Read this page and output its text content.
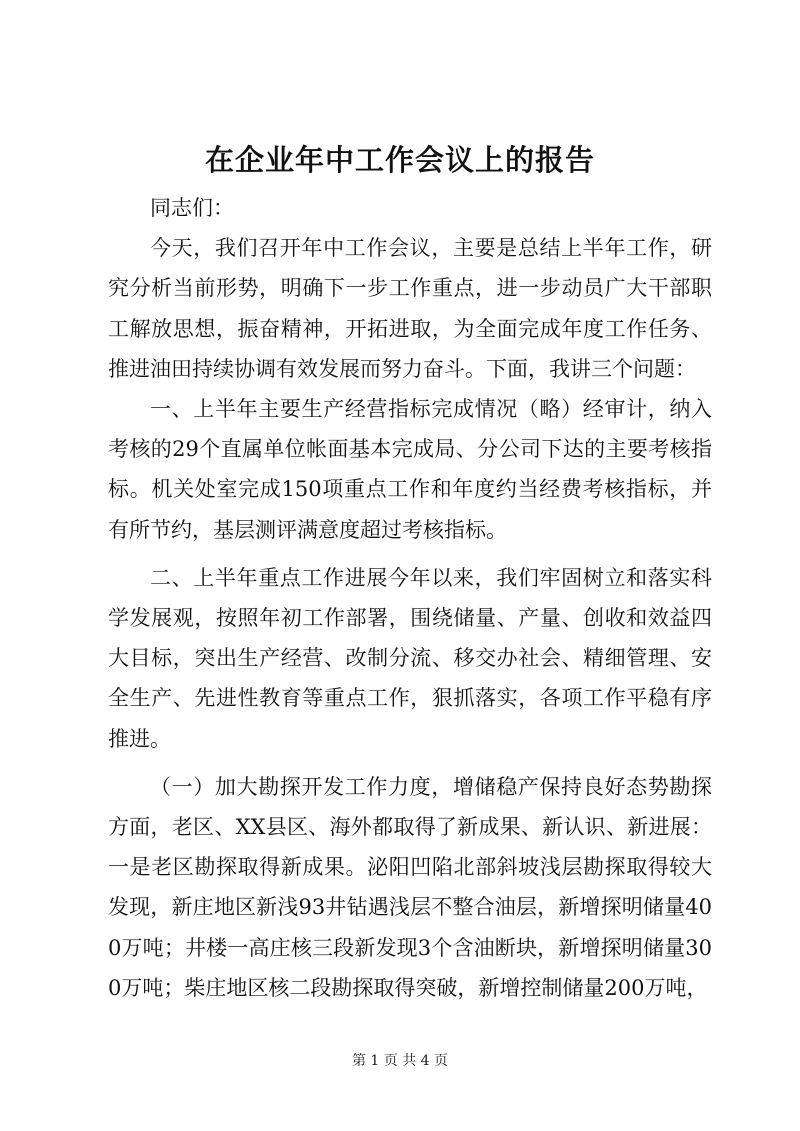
在企业年中工作会议上的报告

同志们：

今天，我们召开年中工作会议，主要是总结上半年工作，研究分析当前形势，明确下一步工作重点，进一步动员广大干部职工解放思想，振奋精神，开拓进取，为全面完成年度工作任务、推进油田持续协调有效发展而努力奋斗。下面，我讲三个问题：

一、上半年主要生产经营指标完成情况（略）经审计，纳入考核的29个直属单位帐面基本完成局、分公司下达的主要考核指标。机关处室完成150项重点工作和年度约当经费考核指标，并有所节约，基层测评满意度超过考核指标。

二、上半年重点工作进展今年以来，我们牢固树立和落实科学发展观，按照年初工作部署，围绕储量、产量、创收和效益四大目标，突出生产经营、改制分流、移交办社会、精细管理、安全生产、先进性教育等重点工作，狠抓落实，各项工作平稳有序推进。

（一）加大勘探开发工作力度，增储稳产保持良好态势勘探方面，老区、XX县区、海外都取得了新成果、新认识、新进展：一是老区勘探取得新成果。泌阳凹陷北部斜坡浅层勘探取得较大发现，新庄地区新浅93井钻遇浅层不整合油层，新增探明储量400万吨；井楼一高庄核三段新发现3个含油断块，新增探明储量300万吨；柴庄地区核二段勘探取得突破，新增控制储量200万吨，

第 1 页 共 4 页
